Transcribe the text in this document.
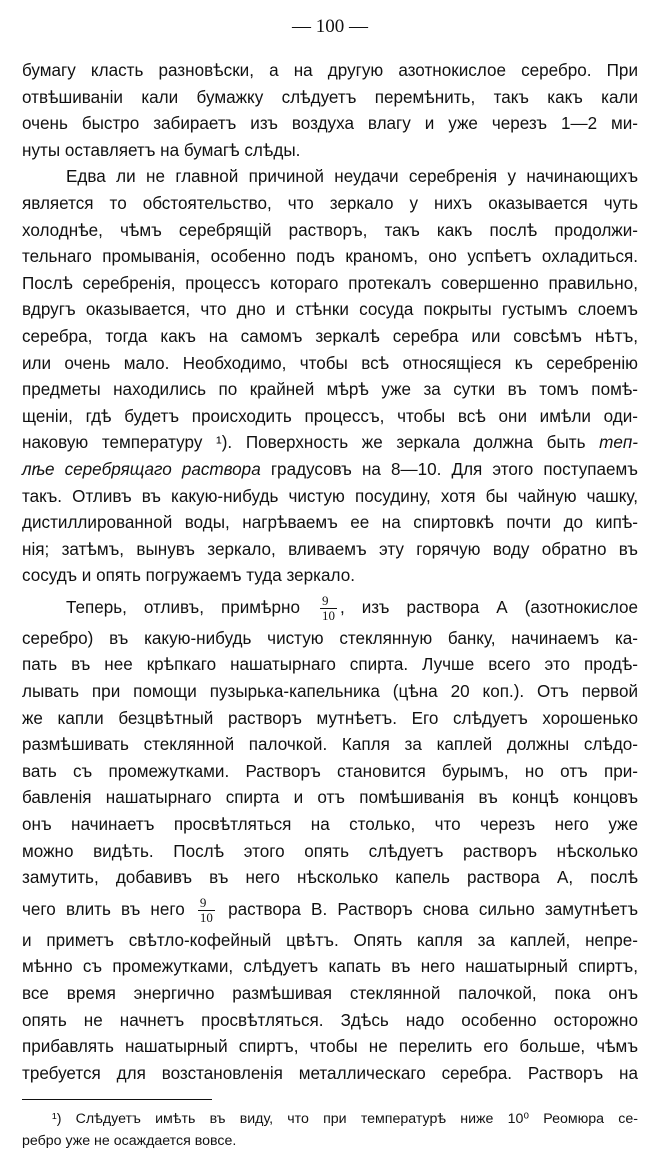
— 100 —
бумагу класть разновѣски, а на другую азотнокислое серебро. При
отвѣшиваніи кали бумажку слѣдуетъ перемѣнить, такъ какъ кали
очень быстро забираетъ изъ воздуха влагу и уже черезъ 1—2 ми-
нуты оставляетъ на бумагѣ слѣды.
Едва ли не главной причиной неудачи серебренія у начинающихъ
является то обстоятельство, что зеркало у нихъ оказывается чуть
холоднѣе, чѣмъ серебрящій растворъ, такъ какъ послѣ продолжи-
тельнаго промыванія, особенно подъ краномъ, оно успѣетъ охладиться.
Послѣ серебренія, процессъ котораго протекалъ совершенно правильно,
вдругъ оказывается, что дно и стѣнки сосуда покрыты густымъ слоемъ
серебра, тогда какъ на самомъ зеркалѣ серебра или совсѣмъ нѣтъ,
или очень мало. Необходимо, чтобы всѣ относящіеся къ серебренію
предметы находились по крайней мѣрѣ уже за сутки въ томъ помѣ-
щеніи, гдѣ будетъ происходить процессъ, чтобы всѣ они имѣли оди-
наковую температуру ¹). Поверхность же зеркала должна быть теп-
лѣе серебрящаго раствора градусовъ на 8—10. Для этого поступаемъ
такъ. Отливъ въ какую-нибудь чистую посудину, хотя бы чайную чашку,
дистиллированной воды, нагрѣваемъ ее на спиртовкѣ почти до кипѣ-
нія; затѣмъ, вынувъ зеркало, вливаемъ эту горячую воду обратно въ
сосудъ и опять погружаемъ туда зеркало.
Теперь, отливъ, примѣрно $\frac{9}{10}$ , изъ раствора А (азотнокислое
серебро) въ какую-нибудь чистую стеклянную банку, начинаемъ ка-
пать въ нее крѣпкаго нашатырнаго спирта. Лучше всего это продѣ-
лывать при помощи пузырька-капельника (цѣна 20 коп.). Отъ первой
же капли безцвѣтный растворъ мутнѣетъ. Его слѣдуетъ хорошенько
размѣшивать стеклянной палочкой. Капля за каплей должны слѣдо-
вать съ промежутками. Растворъ становится бурымъ, но отъ при-
бавленія нашатырнаго спирта и отъ помѣшиванія въ концѣ концовъ
онъ начинаетъ просвѣтляться на столько, что черезъ него уже
можно видѣть. Послѣ этого опять слѣдуетъ растворъ нѣсколько
замутить, добавивъ въ него нѣсколько капель раствора А, послѣ
чего влить въ него $\frac{9}{10}$ раствора В. Растворъ снова сильно замутнѣетъ
и приметъ свѣтло-кофейный цвѣтъ. Опять капля за каплей, непре-
мѣнно съ промежутками, слѣдуетъ капать въ него нашатырный спиртъ,
все время энергично размѣшивая стеклянной палочкой, пока онъ
опять не начнетъ просвѣтляться. Здѣсь надо особенно осторожно
прибавлять нашатырный спиртъ, чтобы не перелить его больше, чѣмъ
требуется для возстановленія металлическаго серебра. Растворъ на
¹) Слѣдуетъ имѣть въ виду, что при температурѣ ниже 10⁰ Реомюра се-
ребро уже не осаждается вовсе.
